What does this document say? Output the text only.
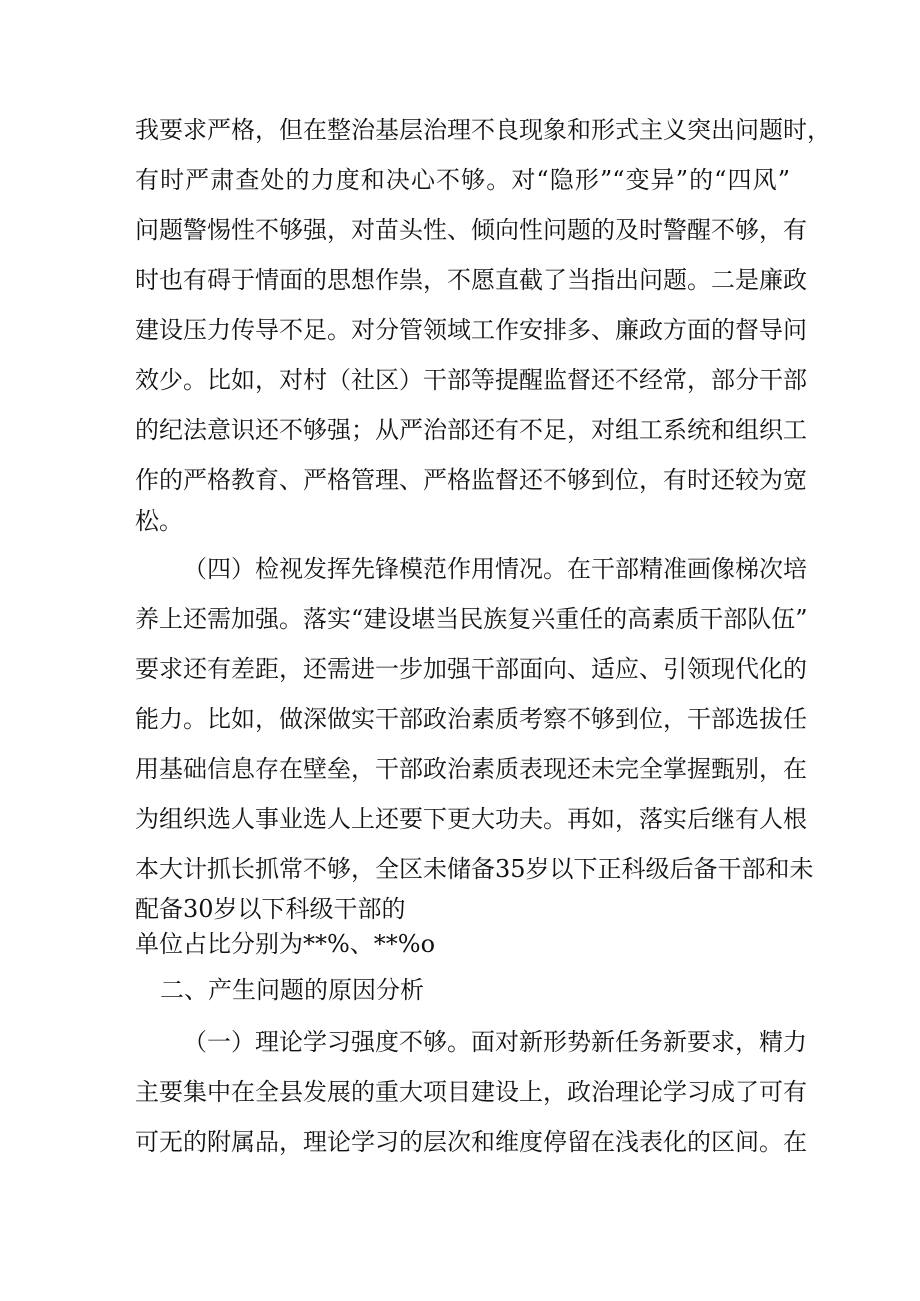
我要求严格，但在整治基层治理不良现象和形式主义突出问题时，
有时严肃查处的力度和决心不够。对“隐形”“变异”的“四风”
问题警惕性不够强，对苗头性、倾向性问题的及时警醒不够，有
时也有碍于情面的思想作祟，不愿直截了当指出问题。二是廉政
建设压力传导不足。对分管领域工作安排多、廉政方面的督导问
效少。比如，对村（社区）干部等提醒监督还不经常，部分干部
的纪法意识还不够强；从严治部还有不足，对组工系统和组织工
作的严格教育、严格管理、严格监督还不够到位，有时还较为宽
松。
（四）检视发挥先锋模范作用情况。在干部精准画像梯次培
养上还需加强。落实“建设堪当民族复兴重任的高素质干部队伍”
要求还有差距，还需进一步加强干部面向、适应、引领现代化的
能力。比如，做深做实干部政治素质考察不够到位，干部选拔任
用基础信息存在壁垒，干部政治素质表现还未完全掌握甄别，在
为组织选人事业选人上还要下更大功夫。再如，落实后继有人根
本大计抓长抓常不够，全区未储备35岁以下正科级后备干部和未
配备30岁以下科级干部的
单位占比分别为**%、**%o
二、产生问题的原因分析
（一）理论学习强度不够。面对新形势新任务新要求，精力
主要集中在全县发展的重大项目建设上，政治理论学习成了可有
可无的附属品，理论学习的层次和维度停留在浅表化的区间。在
